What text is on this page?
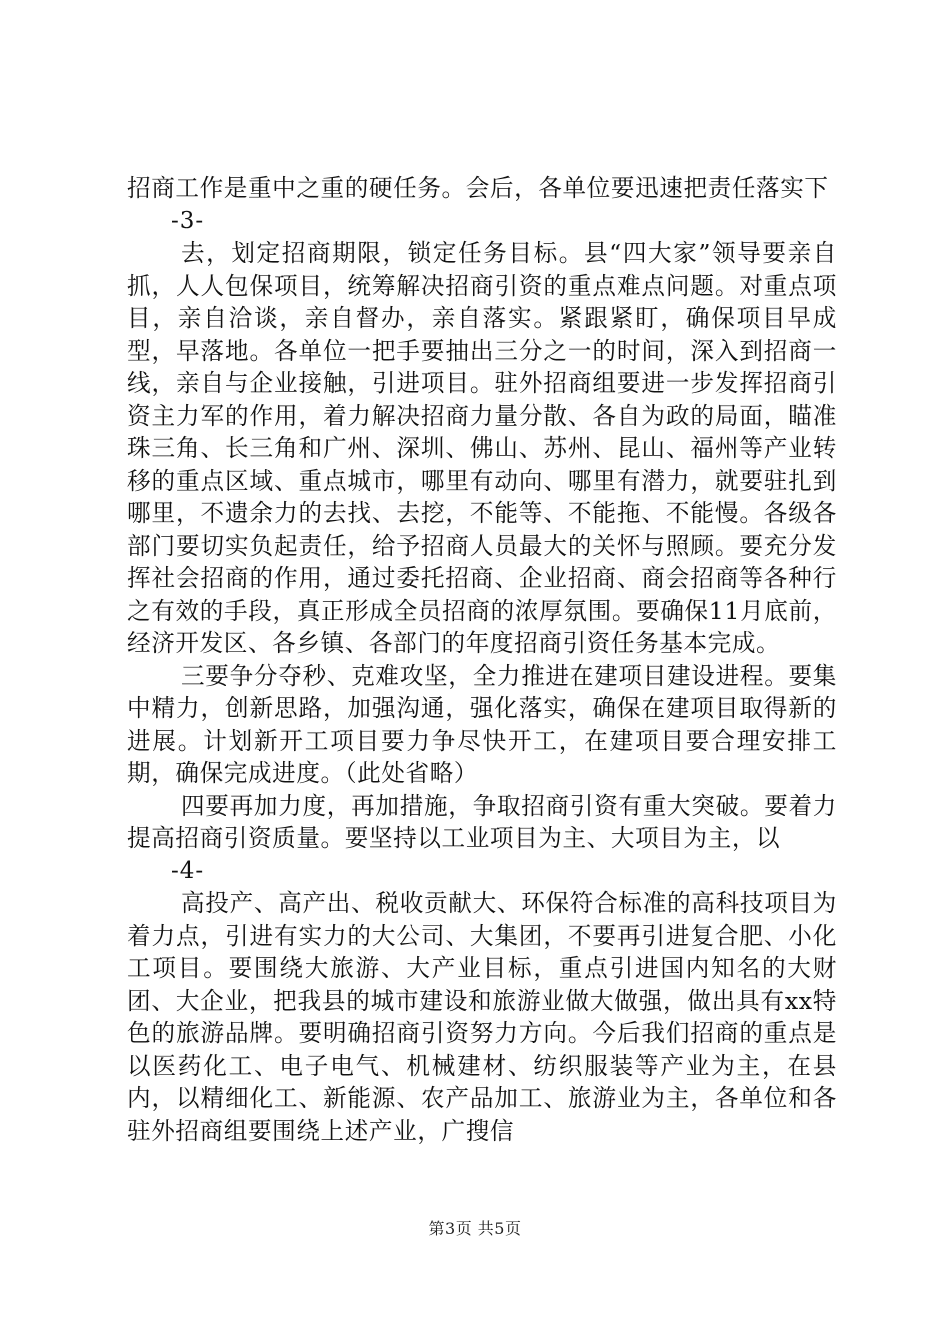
招商工作是重中之重的硬任务。会后，各单位要迅速把责任落实下

-3-

去，划定招商期限，锁定任务目标。县“四大家”领导要亲自抓，人人包保项目，统筹解决招商引资的重点难点问题。对重点项目，亲自洽谈，亲自督办，亲自落实。紧跟紧盯，确保项目早成型，早落地。各单位一把手要抽出三分之一的时间，深入到招商一线，亲自与企业接触，引进项目。驻外招商组要进一步发挥招商引资主力军的作用，着力解决招商力量分散、各自为政的局面，瞄准珠三角、长三角和广州、深圳、佛山、苏州、昆山、福州等产业转移的重点区域、重点城市，哪里有动向、哪里有潜力，就要驻扎到哪里，不遗余力的去找、去挖，不能等、不能拖、不能慢。各级各部门要切实负起责任，给予招商人员最大的关怀与照顾。要充分发挥社会招商的作用，通过委托招商、企业招商、商会招商等各种行之有效的手段，真正形成全员招商的浓厚氛围。要确保11月底前，经济开发区、各乡镇、各部门的年度招商引资任务基本完成。

三要争分夺秒、克难攻坚，全力推进在建项目建设进程。要集中精力，创新思路，加强沟通，强化落实，确保在建项目取得新的进展。计划新开工项目要力争尽快开工，在建项目要合理安排工期，确保完成进度。（此处省略）

四要再加力度，再加措施，争取招商引资有重大突破。要着力提高招商引资质量。要坚持以工业项目为主、大项目为主，以

-4-

高投产、高产出、税收贡献大、环保符合标准的高科技项目为着力点，引进有实力的大公司、大集团，不要再引进复合肥、小化工项目。要围绕大旅游、大产业目标，重点引进国内知名的大财团、大企业，把我县的城市建设和旅游业做大做强，做出具有xx特色的旅游品牌。要明确招商引资努力方向。今后我们招商的重点是以医药化工、电子电气、机械建材、纺织服装等产业为主，在县内，以精细化工、新能源、农产品加工、旅游业为主，各单位和各驻外招商组要围绕上述产业，广搜信

第3页 共5页
